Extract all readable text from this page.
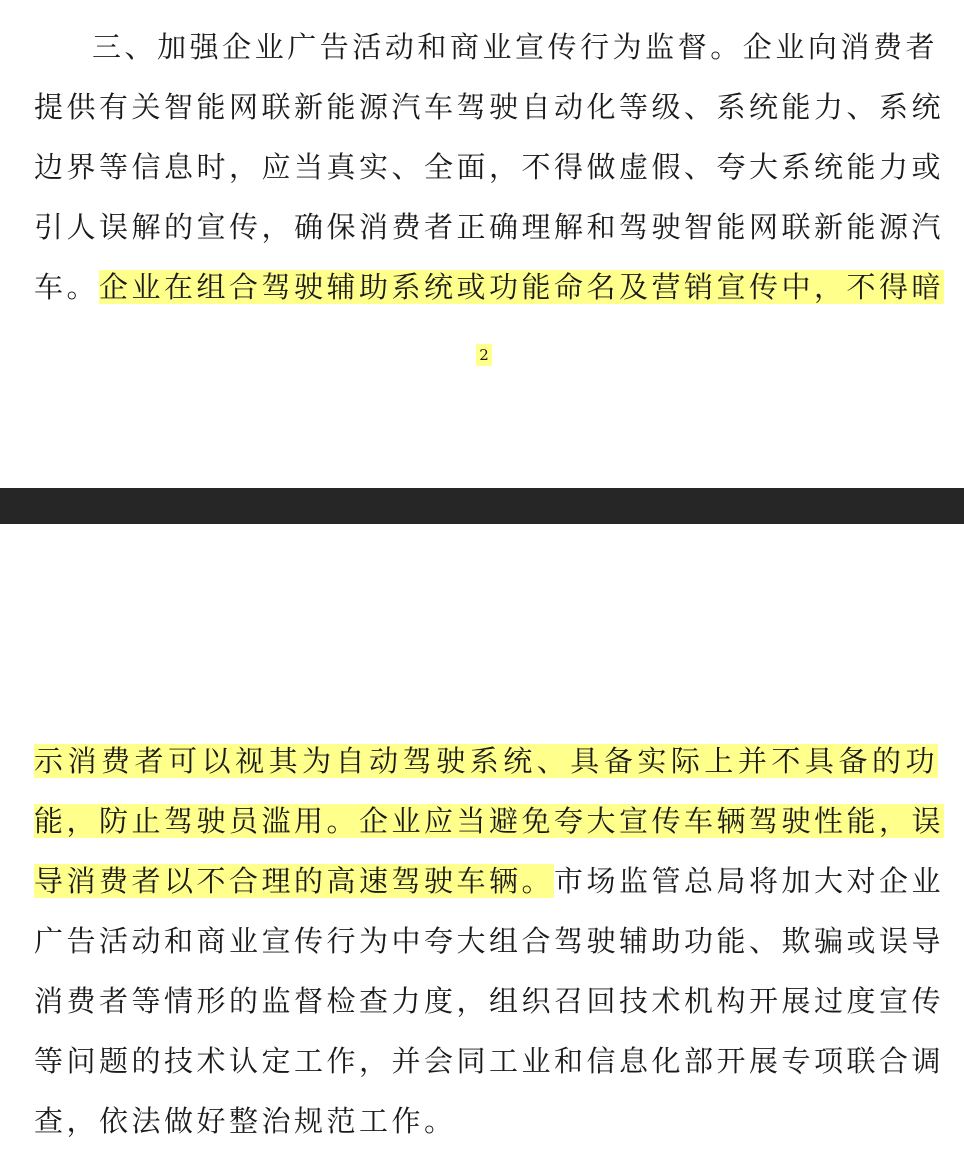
三、加强企业广告活动和商业宣传行为监督。企业向消费者
提供有关智能网联新能源汽车驾驶自动化等级、系统能力、系统
边界等信息时，应当真实、全面，不得做虚假、夸大系统能力或
引人误解的宣传，确保消费者正确理解和驾驶智能网联新能源汽
车。企业在组合驾驶辅助系统或功能命名及营销宣传中，不得暗
2
示消费者可以视其为自动驾驶系统、具备实际上并不具备的功
能，防止驾驶员滥用。企业应当避免夸大宣传车辆驾驶性能，误
导消费者以不合理的高速驾驶车辆。市场监管总局将加大对企业
广告活动和商业宣传行为中夸大组合驾驶辅助功能、欺骗或误导
消费者等情形的监督检查力度，组织召回技术机构开展过度宣传
等问题的技术认定工作，并会同工业和信息化部开展专项联合调
查，依法做好整治规范工作。
